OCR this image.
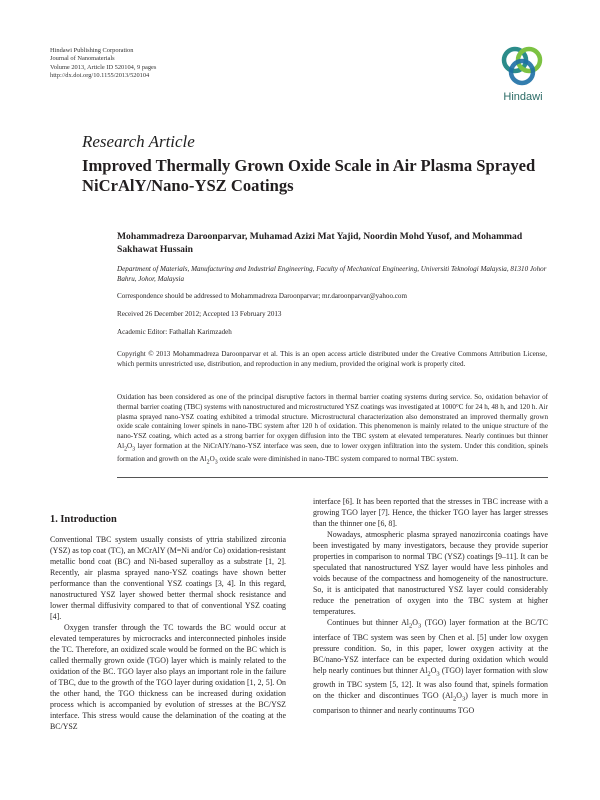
Hindawi Publishing Corporation
Journal of Nanomaterials
Volume 2013, Article ID 520104, 9 pages
http://dx.doi.org/10.1155/2013/520104
Hindawi
Research Article
Improved Thermally Grown Oxide Scale in Air Plasma Sprayed NiCrAlY/Nano-YSZ Coatings
Mohammadreza Daroonparvar, Muhamad Azizi Mat Yajid, Noordin Mohd Yusof, and Mohammad Sakhawat Hussain
Department of Materials, Manufacturing and Industrial Engineering, Faculty of Mechanical Engineering, Universiti Teknologi Malaysia, 81310 Johor Bahru, Johor, Malaysia
Correspondence should be addressed to Mohammadreza Daroonparvar; mr.daroonparvar@yahoo.com
Received 26 December 2012; Accepted 13 February 2013
Academic Editor: Fathallah Karimzadeh
Copyright © 2013 Mohammadreza Daroonparvar et al. This is an open access article distributed under the Creative Commons Attribution License, which permits unrestricted use, distribution, and reproduction in any medium, provided the original work is properly cited.
Oxidation has been considered as one of the principal disruptive factors in thermal barrier coating systems during service. So, oxidation behavior of thermal barrier coating (TBC) systems with nanostructured and microstructured YSZ coatings was investigated at 1000°C for 24 h, 48 h, and 120 h. Air plasma sprayed nano-YSZ coating exhibited a trimodal structure. Microstructural characterization also demonstrated an improved thermally grown oxide scale containing lower spinels in nano-TBC system after 120 h of oxidation. This phenomenon is mainly related to the unique structure of the nano-YSZ coating, which acted as a strong barrier for oxygen diffusion into the TBC system at elevated temperatures. Nearly continues but thinner $Al_2O_3$ layer formation at the NiCrAlY/nano-YSZ interface was seen, due to lower oxygen infiltration into the system. Under this condition, spinels formation and growth on the $Al_2O_3$ oxide scale were diminished in nano-TBC system compared to normal TBC system.
1. Introduction

Conventional TBC system usually consists of yttria stabilized zirconia (YSZ) as top coat (TC), an MCrAlY (M=Ni and/or Co) oxidation-resistant metallic bond coat (BC) and Ni-based superalloy as a substrate [1, 2]. Recently, air plasma sprayed nano-YSZ coatings have shown better performance than the conventional YSZ coatings [3, 4]. In this regard, nanostructured YSZ layer showed better thermal shock resistance and lower thermal diffusivity compared to that of conventional YSZ coating [4].

Oxygen transfer through the TC towards the BC would occur at elevated temperatures by microcracks and interconnected pinholes inside the TC. Therefore, an oxidized scale would be formed on the BC which is called thermally grown oxide (TGO) layer which is mainly related to the oxidation of the BC. TGO layer also plays an important role in the failure of TBC, due to the growth of the TGO layer during oxidation [1, 2, 5]. On the other hand, the TGO thickness can be increased during oxidation process which is accompanied by evolution of stresses at the BC/YSZ interface. This stress would cause the delamination of the coating at the BC/YSZ

interface [6]. It has been reported that the stresses in TBC increase with a growing TGO layer [7]. Hence, the thicker TGO layer has larger stresses than the thinner one [6, 8].

Nowadays, atmospheric plasma sprayed nanozirconia coatings have been investigated by many investigators, because they provide superior properties in comparison to normal TBC (YSZ) coatings [9–11]. It can be speculated that nanostructured YSZ layer would have less pinholes and voids because of the compactness and homogeneity of the nanostructure. So, it is anticipated that nanostructured YSZ layer could considerably reduce the penetration of oxygen into the TBC system at higher temperatures.

Continues but thinner $Al_2O_3$ (TGO) layer formation at the BC/TC interface of TBC system was seen by Chen et al. [5] under low oxygen pressure condition. So, in this paper, lower oxygen activity at the BC/nano-YSZ interface can be expected during oxidation which would help nearly continues but thinner $Al_2O_3$ (TGO) layer formation with slow growth in TBC system [5, 12]. It was also found that, spinels formation on the thicker and discontinues TGO $(Al_2O_3)$ layer is much more in comparison to thinner and nearly continuums TGO
